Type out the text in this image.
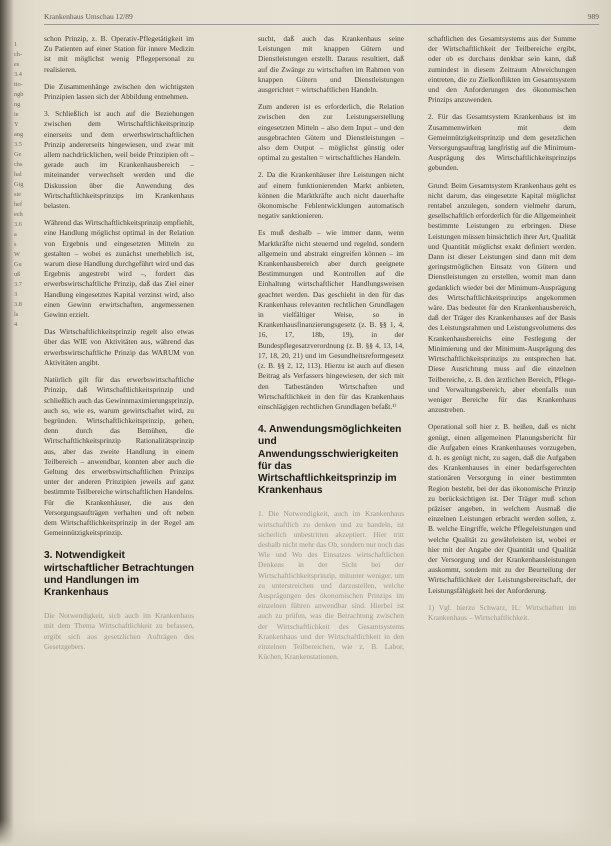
Krankenhaus Umschau 12/89	989
1
ch-
es
3.4
tio-
ngb
ng
ie
Y
ang
3.5
Ge
chs
hal
Gig
sie
hef
ech
3.6
a
s
W
Gu
uß
3.7
3
3.8
ls
4

schon Prinzip, z. B. Operativ-Pflegetätigkeit im Zu Patienten auf einer Station für innere Medizin ist mit möglichst wenig Pflegepersonal zu realisieren.

Die Zusammenhänge zwischen den wichtigsten Prinzipien lassen sich der Abbildung entnehmen.

3. Schließlich ist auch auf die Beziehungen zwischen dem Wirtschaftlichkeitsprinzip einerseits und dem erwerbswirtschaftlichen Prinzip andererseits hingewiesen, und zwar mit allem nachdrücklichen, weil beide Prinzipien oft – gerade auch im Krankenhausbereich – miteinander verwechselt werden und die Diskussion über die Anwendung des Wirtschaftlichkeitsprinzips im Krankenhaus belasten.

Während das Wirtschaftlichkeitsprinzip empfiehlt, eine Handlung möglichst optimal in der Relation von Ergebnis und eingesetzten Mitteln zu gestalten – wobei es zunächst unerheblich ist, warum diese Handlung durchgeführt wird und das Ergebnis angestrebt wird –, fordert das erwerbswirtschaftliche Prinzip, daß das Ziel einer Handlung eingesetztes Kapital verzinst wird, also einen Gewinn erwirtschaften, angemessenen Gewinn erzielt.

Das Wirtschaftlichkeitsprinzip regelt also etwas über das WIE von Aktivitäten aus, während das erwerbswirtschaftliche Prinzip das WARUM von Aktivitäten angibt.

Natürlich gilt für das erwerbswirtschaftliche Prinzip, daß Wirtschaftlichkeitsprinzip und schließlich auch das Gewinnmaximierungsprinzip, auch so, wie es, warum gewirtschaftet wird, zu begründen. Wirtschaftlichkeitsprinzip, gehen, denn durch das Bemühen, die Wirtschaftlichkeitsprinzip Rationalitätsprinzip aus, aber das zweite Handlung in einem Teilbereich – anwendbar, konnten aber auch die Geltung des erwerbswirtschaftlichen Prinzips unter der anderen Prinzipien jeweils auf ganz bestimmte Teilbereiche wirtschaftlichen Handelns. Für die Krankenhäuser, die aus den Versorgungsaufträgen verhalten und oft neben dem Wirtschaftlichkeitsprinzip in der Regel am Gemeinnützigkeitsprinzip.

3. Notwendigkeit wirtschaftlicher Betrachtungen und Handlungen im Krankenhaus

Die Notwendigkeit, sich auch im Krankenhaus mit dem Thema Wirtschaftlichkeit zu befassen, ergibt sich aus gesetzlichen Aufträgen des Gesetzgebers.

sucht, daß auch das Krankenhaus seine Leistungen mit knappen Gütern und Dienstleistungen erstellt. Daraus resultiert, daß auf die Zwänge zu wirtschaften im Rahmen von knappen Gütern und Dienstleistungen ausgerichtet = wirtschaftlichen Handeln.

Zum anderen ist es erforderlich, die Relation zwischen den zur Leistungserstellung eingesetzten Mitteln – also dem Input – und den ausgebrachten Gütern und Dienstleistungen – also dem Output – möglichst günstig oder optimal zu gestalten = wirtschaftliches Handeln.

2. Da die Krankenhäuser ihre Leistungen nicht auf einem funktionierenden Markt anbieten, können die Marktkräfte auch nicht dauerhafte ökonomische Fehlentwicklungen automatisch negativ sanktionieren.

Es muß deshalb – wie immer dann, wenn Marktkräfte nicht steuernd und regelnd, sondern allgemein und abstrakt eingreifen können – im Krankenhausbereich aber durch geeignete Bestimmungen und Kontrollen auf die Einhaltung wirtschaftlicher Handlungsweisen geachtet werden. Das geschieht in den für das Krankenhaus relevanten rechtlichen Grundlagen in vielfältiger Weise, so in Krankenhausfinanzierungsgesetz (z. B. §§ 1, 4, 16, 17, 18b, 19), in der Bundespflegesatzverordnung (z. B. §§ 4, 13, 14, 17, 18, 20, 21) und im Gesundheitsreformgesetz (z. B. §§ 2, 12, 113). Hierzu ist auch auf diesen Beitrag als Verfassers hingewiesen, der sich mit den Tatbeständen Wirtschaften und Wirtschaftlichkeit in den für das Krankenhaus einschlägigen rechtlichen Grundlagen befaßt.¹⁾

4. Anwendungsmöglichkeiten und Anwendungsschwierigkeiten für das Wirtschaftlichkeitsprinzip im Krankenhaus

1. Die Notwendigkeit, auch im Krankenhaus wirtschaftlich zu denken und zu handeln, ist sicherlich unbestritten akzeptiert. Hier tritt deshalb nicht mehr das Ob, sondern nur noch das Wie und Wo des Einsatzes wirtschaftlichen Denkens in der Sicht bei der Wirtschaftlichkeitsprinzip, mitunter weniger, um zu unterstreichen und darzustellen, welche Ausprägungen des ökonomischen Prinzips im einzelnen führen anwendbar sind. Hierbei ist auch zu prüfen, was die Betrachtung zwischen der Wirtschaftlichkeit des Gesamtsystems Krankenhaus und der Wirtschaftlichkeit in den einzelnen Teilbereichen, wie z. B. Labor, Küchen, Krankenstationen.

schaftlichen des Gesamtsystems aus der Summe der Wirtschaftlichkeit der Teilbereiche ergibt, oder ob es durchaus denkbar sein kann, daß zumindest in diesem Zeitraum Abweichungen eintreten, die zu Zielkonflikten im Gesamtsystem und den Anforderungen des ökonomischen Prinzips anzuwenden.

2. Für das Gesamtsystem Krankenhaus ist im Zusammenwirken mit dem Gemeinnützigkeitsprinzip und dem gesetzlichen Versorgungsauftrag langfristig auf die Minimum-Ausprägung des Wirtschaftlichkeitsprinzips gebunden.

Grund: Beim Gesamtsystem Krankenhaus geht es nicht darum, das eingesetzte Kapital möglichst rentabel anzulegen, sondern vielmehr darum, gesellschaftlich erforderlich für die Allgemeinheit bestimmte Leistungen zu erbringen. Diese Leistungen müssen hinsichtlich ihrer Art, Qualität und Quantität möglichst exakt definiert werden. Dann ist dieser Leistungen sind dann mit dem geringstmöglichen Einsatz von Gütern und Dienstleistungen zu erstellen, womit man dann gedanklich wieder bei der Minimum-Ausprägung des Wirtschaftlichkeitsprinzips angekommen wäre. Das bedeutet für den Krankenhausbereich, daß der Träger des Krankenhauses auf der Basis des Leistungsrahmen und Leistungsvolumens des Krankenhausbereichs eine Festlegung der Minimierung und der Minimum-Ausprägung des Wirtschaftlichkeitsprinzips zu entsprechen hat. Diese Ausrichtung muss auf die einzelnen Teilbereiche, z. B. den ärztlichen Bereich, Pflege- und Verwaltungsbereich, aber ebenfalls nun weniger Bereiche für das Krankenhaus anzustreben.

Operational soll hier z. B. heißen, daß es nicht genügt, einen allgemeinen Planungsbericht für die Aufgaben eines Krankenhauses vorzugeben, d. h. es genügt nicht, zu sagen, daß die Aufgaben des Krankenhauses in einer bedarfsgerechten stationären Versorgung in einer bestimmten Region besteht, bei der das ökonomische Prinzip zu berücksichtigen ist. Der Träger muß schon präziser angeben, in welchem Ausmaß die einzelnen Leistungen erbracht werden sollen, z. B. welche Eingriffe, welche Pflegeleistungen und welche Qualität zu gewährleisten ist, wobei er hier mit der Angabe der Quantität und Qualität der Versorgung und der Krankenhausleistungen auskommt, sondern mit zu der Beurteilung der Wirtschaftlichkeit der Leistungsbereitschaft, der Leistungsfähigkeit bei der Anforderung.

1) Vgl. hierzu Schwarz, H.: Wirtschaften im Krankenhaus – Wirtschaftlichkeit.
